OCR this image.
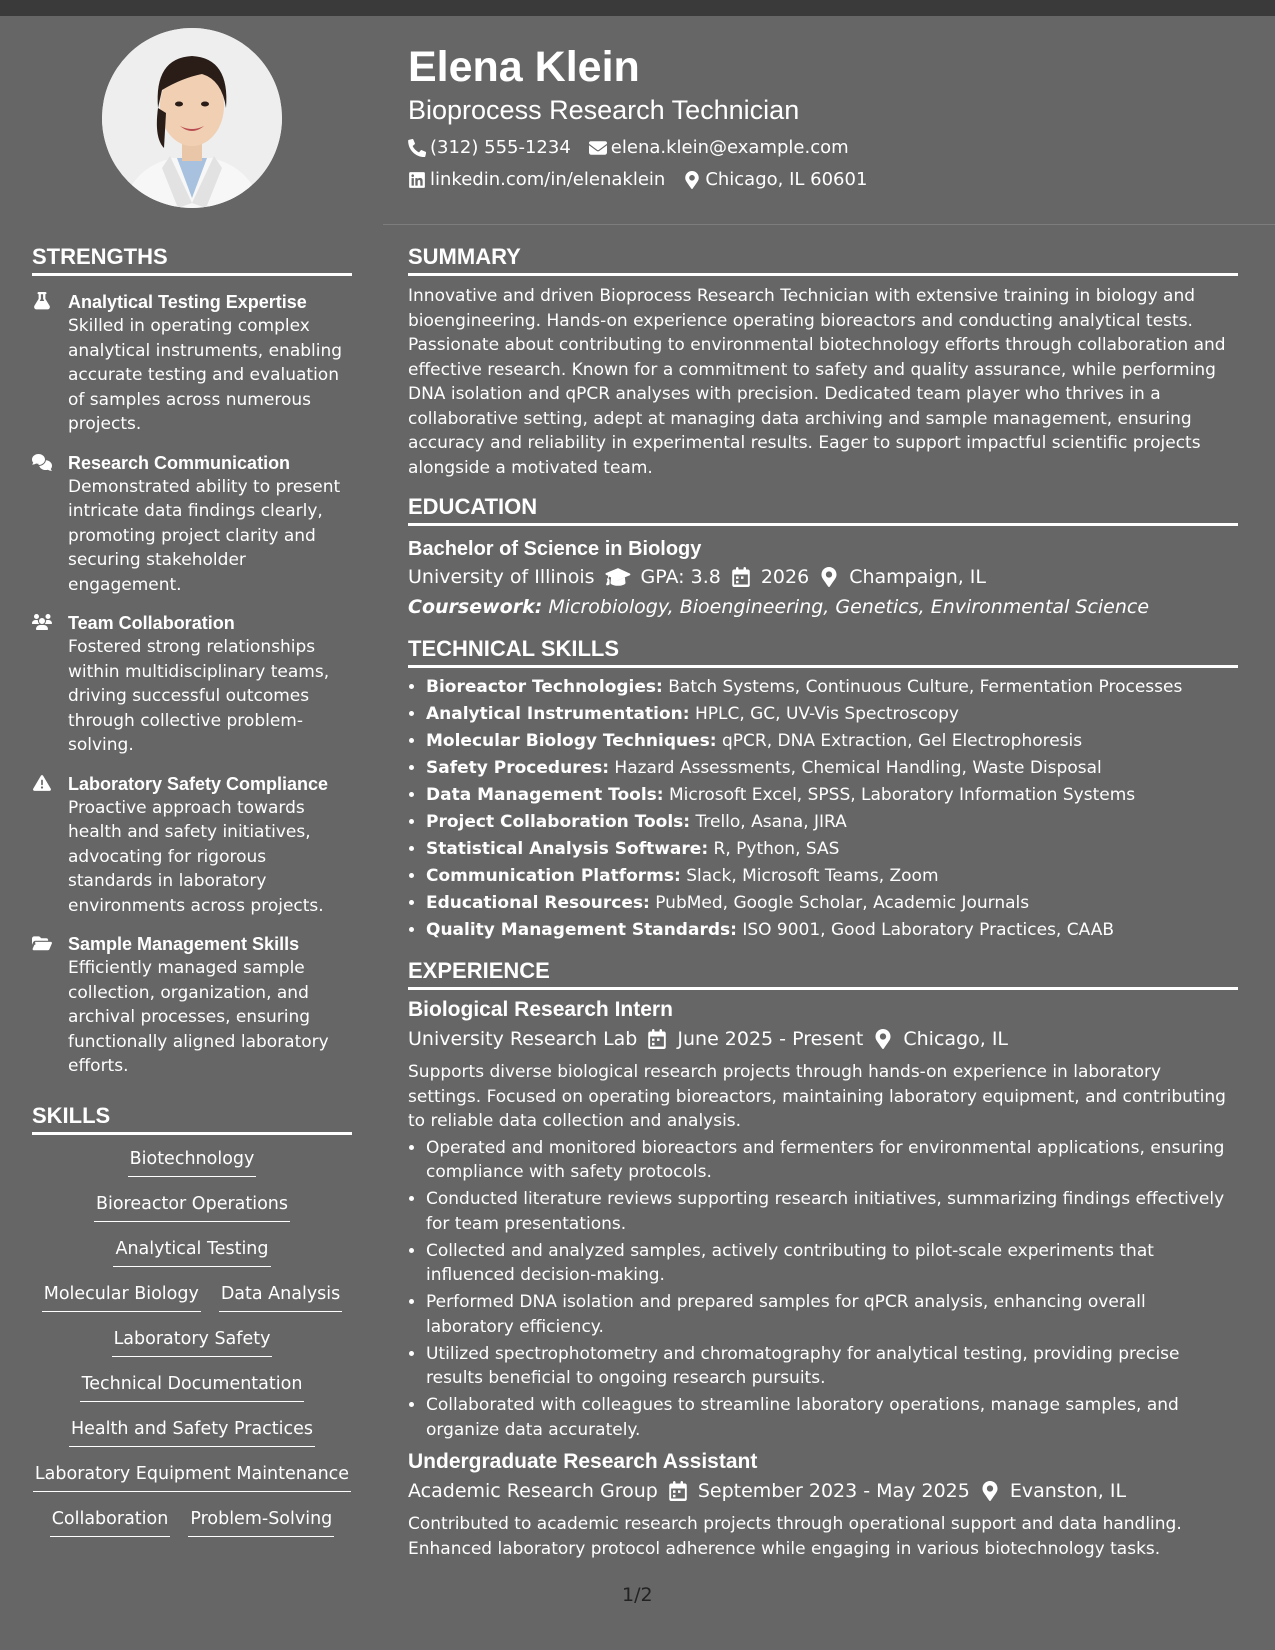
Elena Klein
Bioprocess Research Technician
(312) 555-1234 elena.klein@example.com
linkedin.com/in/elenaklein Chicago, IL 60601
STRENGTHS
Analytical Testing Expertise
Skilled in operating complex analytical instruments, enabling accurate testing and evaluation of samples across numerous projects.
Research Communication
Demonstrated ability to present intricate data findings clearly, promoting project clarity and securing stakeholder engagement.
Team Collaboration
Fostered strong relationships within multidisciplinary teams, driving successful outcomes through collective problem-solving.
Laboratory Safety Compliance
Proactive approach towards health and safety initiatives, advocating for rigorous standards in laboratory environments across projects.
Sample Management Skills
Efficiently managed sample collection, organization, and archival processes, ensuring functionally aligned laboratory efforts.
SKILLS
Biotechnology
Bioreactor Operations
Analytical Testing
Molecular Biology Data Analysis
Laboratory Safety
Technical Documentation
Health and Safety Practices
Laboratory Equipment Maintenance
Collaboration Problem-Solving
SUMMARY

Innovative and driven Bioprocess Research Technician with extensive training in biology and bioengineering. Hands-on experience operating bioreactors and conducting analytical tests. Passionate about contributing to environmental biotechnology efforts through collaboration and effective research. Known for a commitment to safety and quality assurance, while performing DNA isolation and qPCR analyses with precision. Dedicated team player who thrives in a collaborative setting, adept at managing data archiving and sample management, ensuring accuracy and reliability in experimental results. Eager to support impactful scientific projects alongside a motivated team.

EDUCATION
Bachelor of Science in Biology
University of Illinois GPA: 3.8 2026 Champaign, IL
Coursework: Microbiology, Bioengineering, Genetics, Environmental Science
TECHNICAL SKILLS
• Bioreactor Technologies: Batch Systems, Continuous Culture, Fermentation Processes
• Analytical Instrumentation: HPLC, GC, UV-Vis Spectroscopy
• Molecular Biology Techniques: qPCR, DNA Extraction, Gel Electrophoresis
• Safety Procedures: Hazard Assessments, Chemical Handling, Waste Disposal
• Data Management Tools: Microsoft Excel, SPSS, Laboratory Information Systems
• Project Collaboration Tools: Trello, Asana, JIRA
• Statistical Analysis Software: R, Python, SAS
• Communication Platforms: Slack, Microsoft Teams, Zoom
• Educational Resources: PubMed, Google Scholar, Academic Journals
• Quality Management Standards: ISO 9001, Good Laboratory Practices, CAAB
EXPERIENCE
Biological Research Intern
University Research Lab June 2025 - Present Chicago, IL
Supports diverse biological research projects through hands-on experience in laboratory settings. Focused on operating bioreactors, maintaining laboratory equipment, and contributing to reliable data collection and analysis.
• Operated and monitored bioreactors and fermenters for environmental applications, ensuring compliance with safety protocols.
• Conducted literature reviews supporting research initiatives, summarizing findings effectively for team presentations.
• Collected and analyzed samples, actively contributing to pilot-scale experiments that influenced decision-making.
• Performed DNA isolation and prepared samples for qPCR analysis, enhancing overall laboratory efficiency.
• Utilized spectrophotometry and chromatography for analytical testing, providing precise results beneficial to ongoing research pursuits.
• Collaborated with colleagues to streamline laboratory operations, manage samples, and organize data accurately.
Undergraduate Research Assistant
Academic Research Group September 2023 - May 2025 Evanston, IL
Contributed to academic research projects through operational support and data handling. Enhanced laboratory protocol adherence while engaging in various biotechnology tasks.
1/2
